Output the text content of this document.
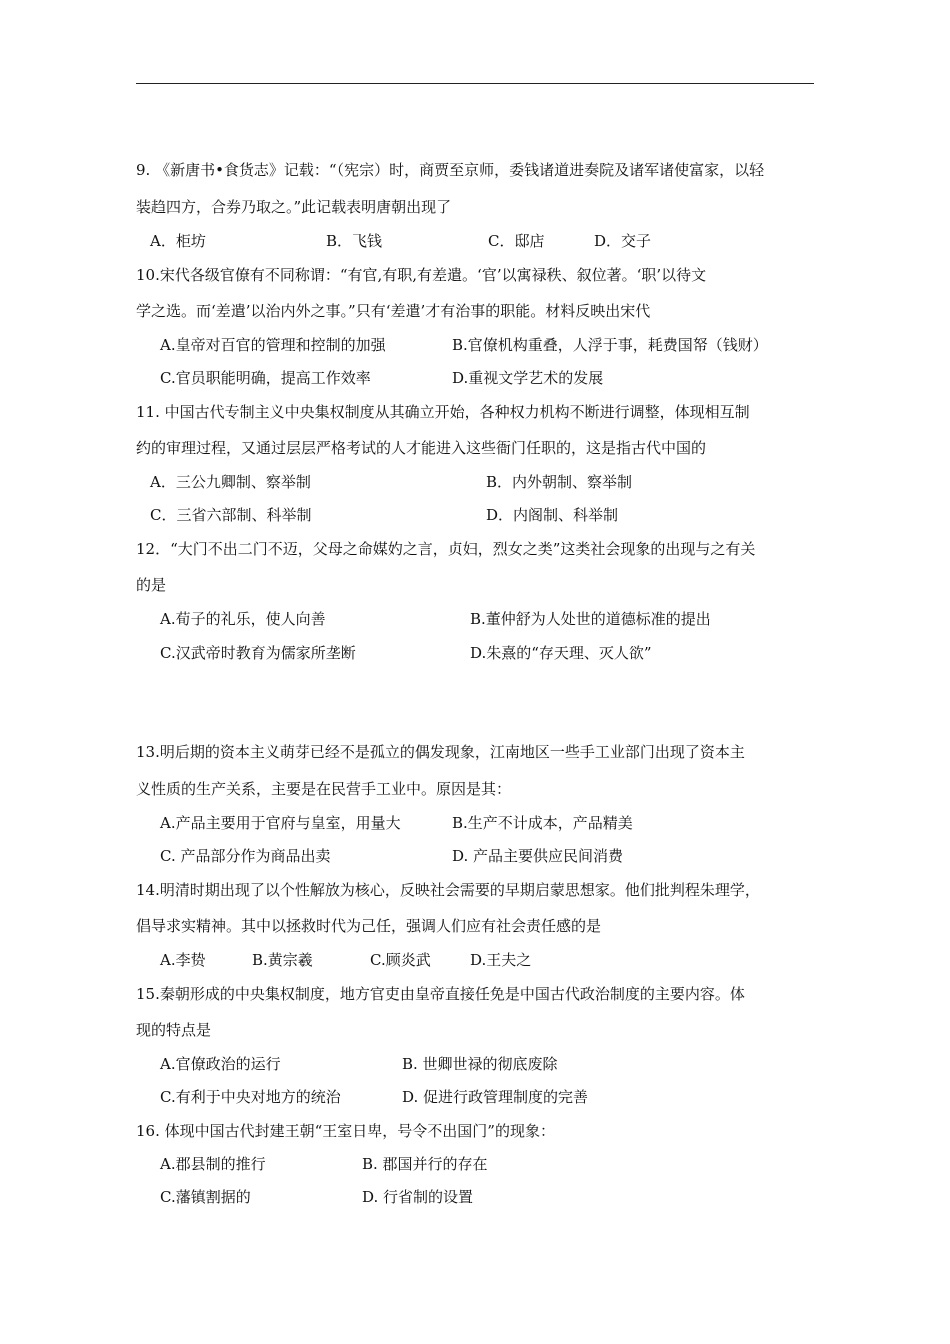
9. 《新唐书•食货志》记载：“（宪宗）时，商贾至京师，委钱诸道进奏院及诸军诸使富家，以轻
装趋四方，合券乃取之。”此记载表明唐朝出现了
A．柜坊	B．飞钱	C．邸店	D．交子
10.宋代各级官僚有不同称谓：“有官,有职,有差遣。‘官’以寓禄秩、叙位著。‘职’以待文
学之选。而‘差遣’以治内外之事。”只有‘差遣’才有治事的职能。材料反映出宋代
A.皇帝对百官的管理和控制的加强	B.官僚机构重叠，人浮于事，耗费国帑（钱财）
C.官员职能明确，提高工作效率	D.重视文学艺术的发展
11. 中国古代专制主义中央集权制度从其确立开始，各种权力机构不断进行调整，体现相互制
约的审理过程，又通过层层严格考试的人才能进入这些衙门任职的，这是指古代中国的
A．三公九卿制、察举制	B．内外朝制、察举制
C．三省六部制、科举制	D．内阁制、科举制
12．“大门不出二门不迈，父母之命媒妁之言，贞妇，烈女之类”这类社会现象的出现与之有关
的是
A.荀子的礼乐，使人向善	B.董仲舒为人处世的道德标准的提出
C.汉武帝时教育为儒家所垄断	D.朱熹的“存天理、灭人欲”
13.明后期的资本主义萌芽已经不是孤立的偶发现象，江南地区一些手工业部门出现了资本主
义性质的生产关系，主要是在民营手工业中。原因是其：
A.产品主要用于官府与皇室，用量大	B.生产不计成本，产品精美
C. 产品部分作为商品出卖	D. 产品主要供应民间消费
14.明清时期出现了以个性解放为核心，反映社会需要的早期启蒙思想家。他们批判程朱理学，
倡导求实精神。其中以拯救时代为己任，强调人们应有社会责任感的是
A.李贽	B.黄宗羲	C.顾炎武	D.王夫之
15.秦朝形成的中央集权制度，地方官吏由皇帝直接任免是中国古代政治制度的主要内容。体
现的特点是
A.官僚政治的运行	B. 世卿世禄的彻底废除
C.有利于中央对地方的统治	D. 促进行政管理制度的完善
16. 体现中国古代封建王朝“王室日卑，号令不出国门”的现象：
A.郡县制的推行	B. 郡国并行的存在
C.藩镇割据的	D. 行省制的设置
